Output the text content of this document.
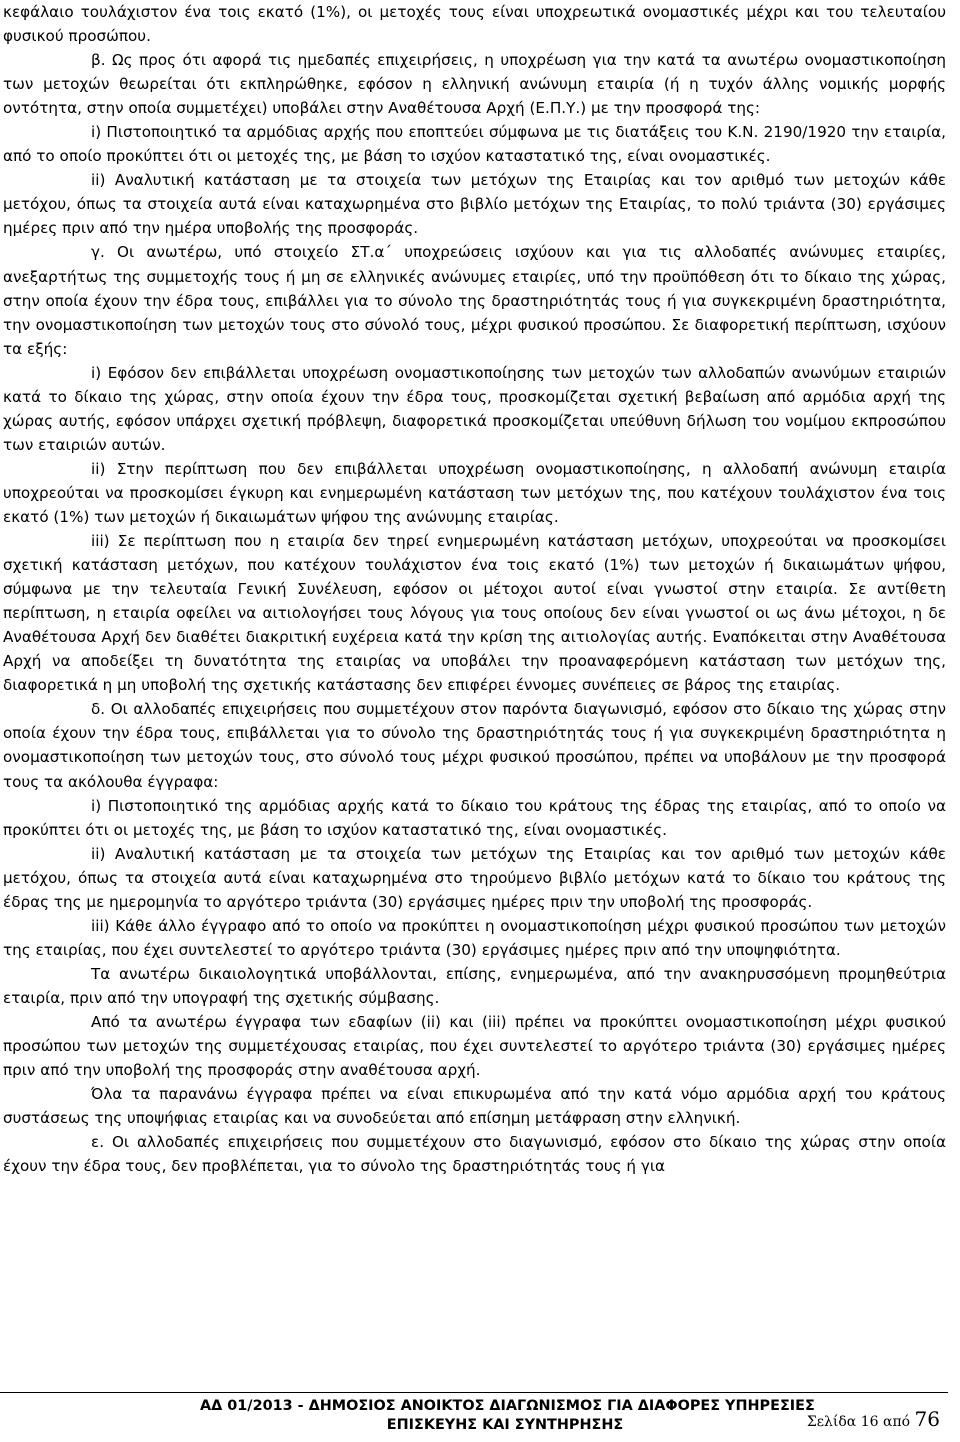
κεφάλαιο τουλάχιστον ένα τοις εκατό (1%), οι μετοχές τους είναι υποχρεωτικά ονομαστικές μέχρι και του τελευταίου φυσικού προσώπου.

β. Ως προς ότι αφορά τις ημεδαπές επιχειρήσεις, η υποχρέωση για την κατά τα ανωτέρω ονομαστικοποίηση των μετοχών θεωρείται ότι εκπληρώθηκε, εφόσον η ελληνική ανώνυμη εταιρία (ή η τυχόν άλλης νομικής μορφής οντότητα, στην οποία συμμετέχει) υποβάλει στην Αναθέτουσα Αρχή (Ε.Π.Υ.) με την προσφορά της:

i) Πιστοποιητικό τα αρμόδιας αρχής που εποπτεύει σύμφωνα με τις διατάξεις του Κ.Ν. 2190/1920 την εταιρία, από το οποίο προκύπτει ότι οι μετοχές της, με βάση το ισχύον καταστατικό της, είναι ονομαστικές.

ii) Αναλυτική κατάσταση με τα στοιχεία των μετόχων της Εταιρίας και τον αριθμό των μετοχών κάθε μετόχου, όπως τα στοιχεία αυτά είναι καταχωρημένα στο βιβλίο μετόχων της Εταιρίας, το πολύ τριάντα (30) εργάσιμες ημέρες πριν από την ημέρα υποβολής της προσφοράς.

γ. Οι ανωτέρω, υπό στοιχείο ΣΤ.α΄ υποχρεώσεις ισχύουν και για τις αλλοδαπές ανώνυμες εταιρίες, ανεξαρτήτως της συμμετοχής τους ή μη σε ελληνικές ανώνυμες εταιρίες, υπό την προϋπόθεση ότι το δίκαιο της χώρας, στην οποία έχουν την έδρα τους, επιβάλλει για το σύνολο της δραστηριότητάς τους ή για συγκεκριμένη δραστηριότητα, την ονομαστικοποίηση των μετοχών τους στο σύνολό τους, μέχρι φυσικού προσώπου. Σε διαφορετική περίπτωση, ισχύουν τα εξής:

i) Εφόσον δεν επιβάλλεται υποχρέωση ονομαστικοποίησης των μετοχών των αλλοδαπών ανωνύμων εταιριών κατά το δίκαιο της χώρας, στην οποία έχουν την έδρα τους, προσκομίζεται σχετική βεβαίωση από αρμόδια αρχή της χώρας αυτής, εφόσον υπάρχει σχετική πρόβλεψη, διαφορετικά προσκομίζεται υπεύθυνη δήλωση του νομίμου εκπροσώπου των εταιριών αυτών.

ii) Στην περίπτωση που δεν επιβάλλεται υποχρέωση ονομαστικοποίησης, η αλλοδαπή ανώνυμη εταιρία υποχρεούται να προσκομίσει έγκυρη και ενημερωμένη κατάσταση των μετόχων της, που κατέχουν τουλάχιστον ένα τοις εκατό (1%) των μετοχών ή δικαιωμάτων ψήφου της ανώνυμης εταιρίας.

iii) Σε περίπτωση που η εταιρία δεν τηρεί ενημερωμένη κατάσταση μετόχων, υποχρεούται να προσκομίσει σχετική κατάσταση μετόχων, που κατέχουν τουλάχιστον ένα τοις εκατό (1%) των μετοχών ή δικαιωμάτων ψήφου, σύμφωνα με την τελευταία Γενική Συνέλευση, εφόσον οι μέτοχοι αυτοί είναι γνωστοί στην εταιρία. Σε αντίθετη περίπτωση, η εταιρία οφείλει να αιτιολογήσει τους λόγους για τους οποίους δεν είναι γνωστοί οι ως άνω μέτοχοι, η δε Αναθέτουσα Αρχή δεν διαθέτει διακριτική ευχέρεια κατά την κρίση της αιτιολογίας αυτής. Εναπόκειται στην Αναθέτουσα Αρχή να αποδείξει τη δυνατότητα της εταιρίας να υποβάλει την προαναφερόμενη κατάσταση των μετόχων της, διαφορετικά η μη υποβολή της σχετικής κατάστασης δεν επιφέρει έννομες συνέπειες σε βάρος της εταιρίας.

δ. Οι αλλοδαπές επιχειρήσεις που συμμετέχουν στον παρόντα διαγωνισμό, εφόσον στο δίκαιο της χώρας στην οποία έχουν την έδρα τους, επιβάλλεται για το σύνολο της δραστηριότητάς τους ή για συγκεκριμένη δραστηριότητα η ονομαστικοποίηση των μετοχών τους, στο σύνολό τους μέχρι φυσικού προσώπου, πρέπει να υποβάλουν με την προσφορά τους τα ακόλουθα έγγραφα:

i) Πιστοποιητικό της αρμόδιας αρχής κατά το δίκαιο του κράτους της έδρας της εταιρίας, από το οποίο να προκύπτει ότι οι μετοχές της, με βάση το ισχύον καταστατικό της, είναι ονομαστικές.

ii) Αναλυτική κατάσταση με τα στοιχεία των μετόχων της Εταιρίας και τον αριθμό των μετοχών κάθε μετόχου, όπως τα στοιχεία αυτά είναι καταχωρημένα στο τηρούμενο βιβλίο μετόχων κατά το δίκαιο του κράτους της έδρας της με ημερομηνία το αργότερο τριάντα (30) εργάσιμες ημέρες πριν την υποβολή της προσφοράς.

iii) Κάθε άλλο έγγραφο από το οποίο να προκύπτει η ονομαστικοποίηση μέχρι φυσικού προσώπου των μετοχών της εταιρίας, που έχει συντελεστεί το αργότερο τριάντα (30) εργάσιμες ημέρες πριν από την υποψηφιότητα.

Τα ανωτέρω δικαιολογητικά υποβάλλονται, επίσης, ενημερωμένα, από την ανακηρυσσόμενη προμηθεύτρια εταιρία, πριν από την υπογραφή της σχετικής σύμβασης.

Από τα ανωτέρω έγγραφα των εδαφίων (ii) και (iii) πρέπει να προκύπτει ονομαστικοποίηση μέχρι φυσικού προσώπου των μετοχών της συμμετέχουσας εταιρίας, που έχει συντελεστεί το αργότερο τριάντα (30) εργάσιμες ημέρες πριν από την υποβολή της προσφοράς στην αναθέτουσα αρχή.

Όλα τα παρανάνω έγγραφα πρέπει να είναι επικυρωμένα από την κατά νόμο αρμόδια αρχή του κράτους συστάσεως της υποψήφιας εταιρίας και να συνοδεύεται από επίσημη μετάφραση στην ελληνική.

ε. Οι αλλοδαπές επιχειρήσεις που συμμετέχουν στο διαγωνισμό, εφόσον στο δίκαιο της χώρας στην οποία έχουν την έδρα τους, δεν προβλέπεται, για το σύνολο της δραστηριότητάς τους ή για

ΑΔ 01/2013 - ΔΗΜΟΣΙΟΣ ΑΝΟΙΚΤΟΣ ΔΙΑΓΩΝΙΣΜΟΣ ΓΙΑ ΔΙΑΦΟΡΕΣ ΥΠΗΡΕΣΙΕΣ
ΕΠΙΣΚΕΥΗΣ ΚΑΙ ΣΥΝΤΗΡΗΣΗΣ	Σελίδα 16 από 76
